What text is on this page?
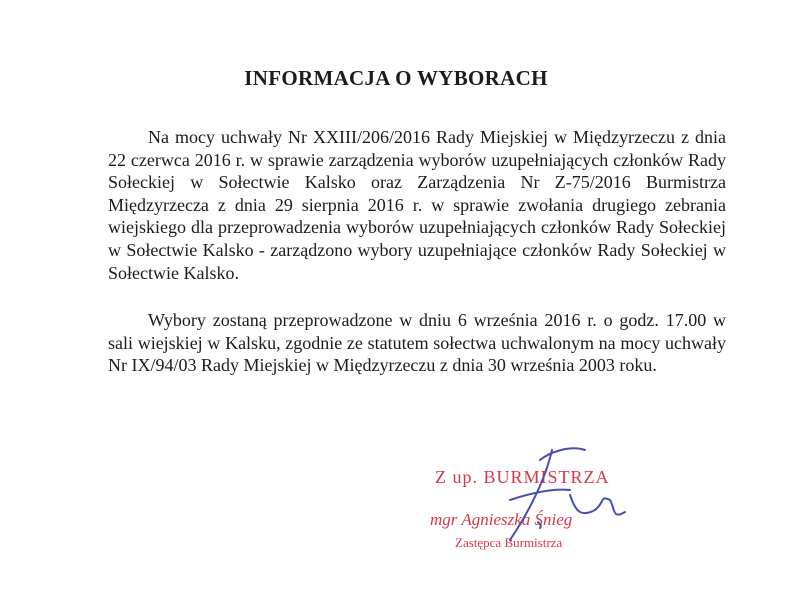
INFORMACJA O WYBORACH

Na mocy uchwały Nr XXIII/206/2016 Rady Miejskiej w Międzyrzeczu z dnia 22 czerwca 2016 r. w sprawie zarządzenia wyborów uzupełniających członków Rady Sołeckiej w Sołectwie Kalsko oraz Zarządzenia Nr Z-75/2016 Burmistrza Międzyrzecza z dnia 29 sierpnia 2016 r. w sprawie zwołania drugiego zebrania wiejskiego dla przeprowadzenia wyborów uzupełniających członków Rady Sołeckiej w Sołectwie Kalsko - zarządzono wybory uzupełniające członków Rady Sołeckiej w Sołectwie Kalsko.

Wybory zostaną przeprowadzone w dniu 6 września 2016 r. o godz. 17.00 w sali wiejskiej w Kalsku, zgodnie ze statutem sołectwa uchwalonym na mocy uchwały Nr IX/94/03 Rady Miejskiej w Międzyrzeczu z dnia 30 września 2003 roku.

Z up. BURMISTRZA
mgr Agnieszka Śnieg
Zastępca Burmistrza
